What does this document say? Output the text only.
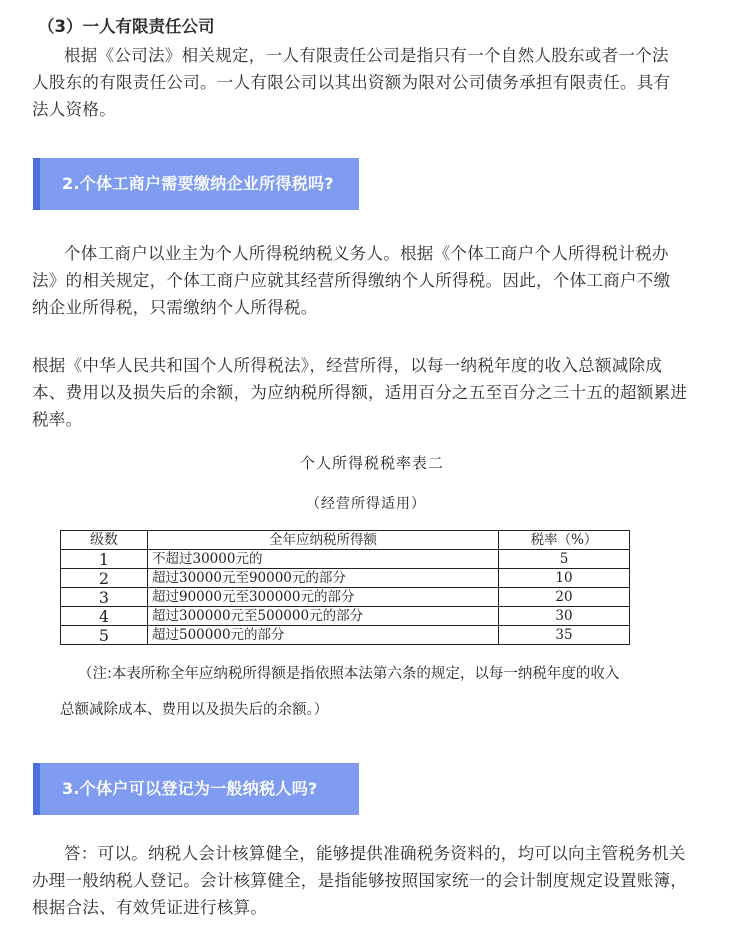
（3）一人有限责任公司

根据《公司法》相关规定，一人有限责任公司是指只有一个自然人股东或者一个法

人股东的有限责任公司。一人有限公司以其出资额为限对公司债务承担有限责任。具有

法人资格。

2.个体工商户需要缴纳企业所得税吗?

个体工商户以业主为个人所得税纳税义务人。根据《个体工商户个人所得税计税办

法》的相关规定，个体工商户应就其经营所得缴纳个人所得税。因此，个体工商户不缴

纳企业所得税，只需缴纳个人所得税。

根据《中华人民共和国个人所得税法》，经营所得，以每一纳税年度的收入总额减除成

本、费用以及损失后的余额，为应纳税所得额，适用百分之五至百分之三十五的超额累进

税率。

个人所得税税率表二
（经营所得适用）
级数	全年应纳税所得额	税率（%）
1	不超过30000元的	5
2	超过30000元至90000元的部分	10
3	超过90000元至300000元的部分	20
4	超过300000元至500000元的部分	30
5	超过500000元的部分	35
（注:本表所称全年应纳税所得额是指依照本法第六条的规定，以每一纳税年度的收入
总额减除成本、费用以及损失后的余额。）
3.个体户可以登记为一般纳税人吗?

答：可以。纳税人会计核算健全，能够提供准确税务资料的，均可以向主管税务机关

办理一般纳税人登记。会计核算健全，是指能够按照国家统一的会计制度规定设置账簿，

根据合法、有效凭证进行核算。
